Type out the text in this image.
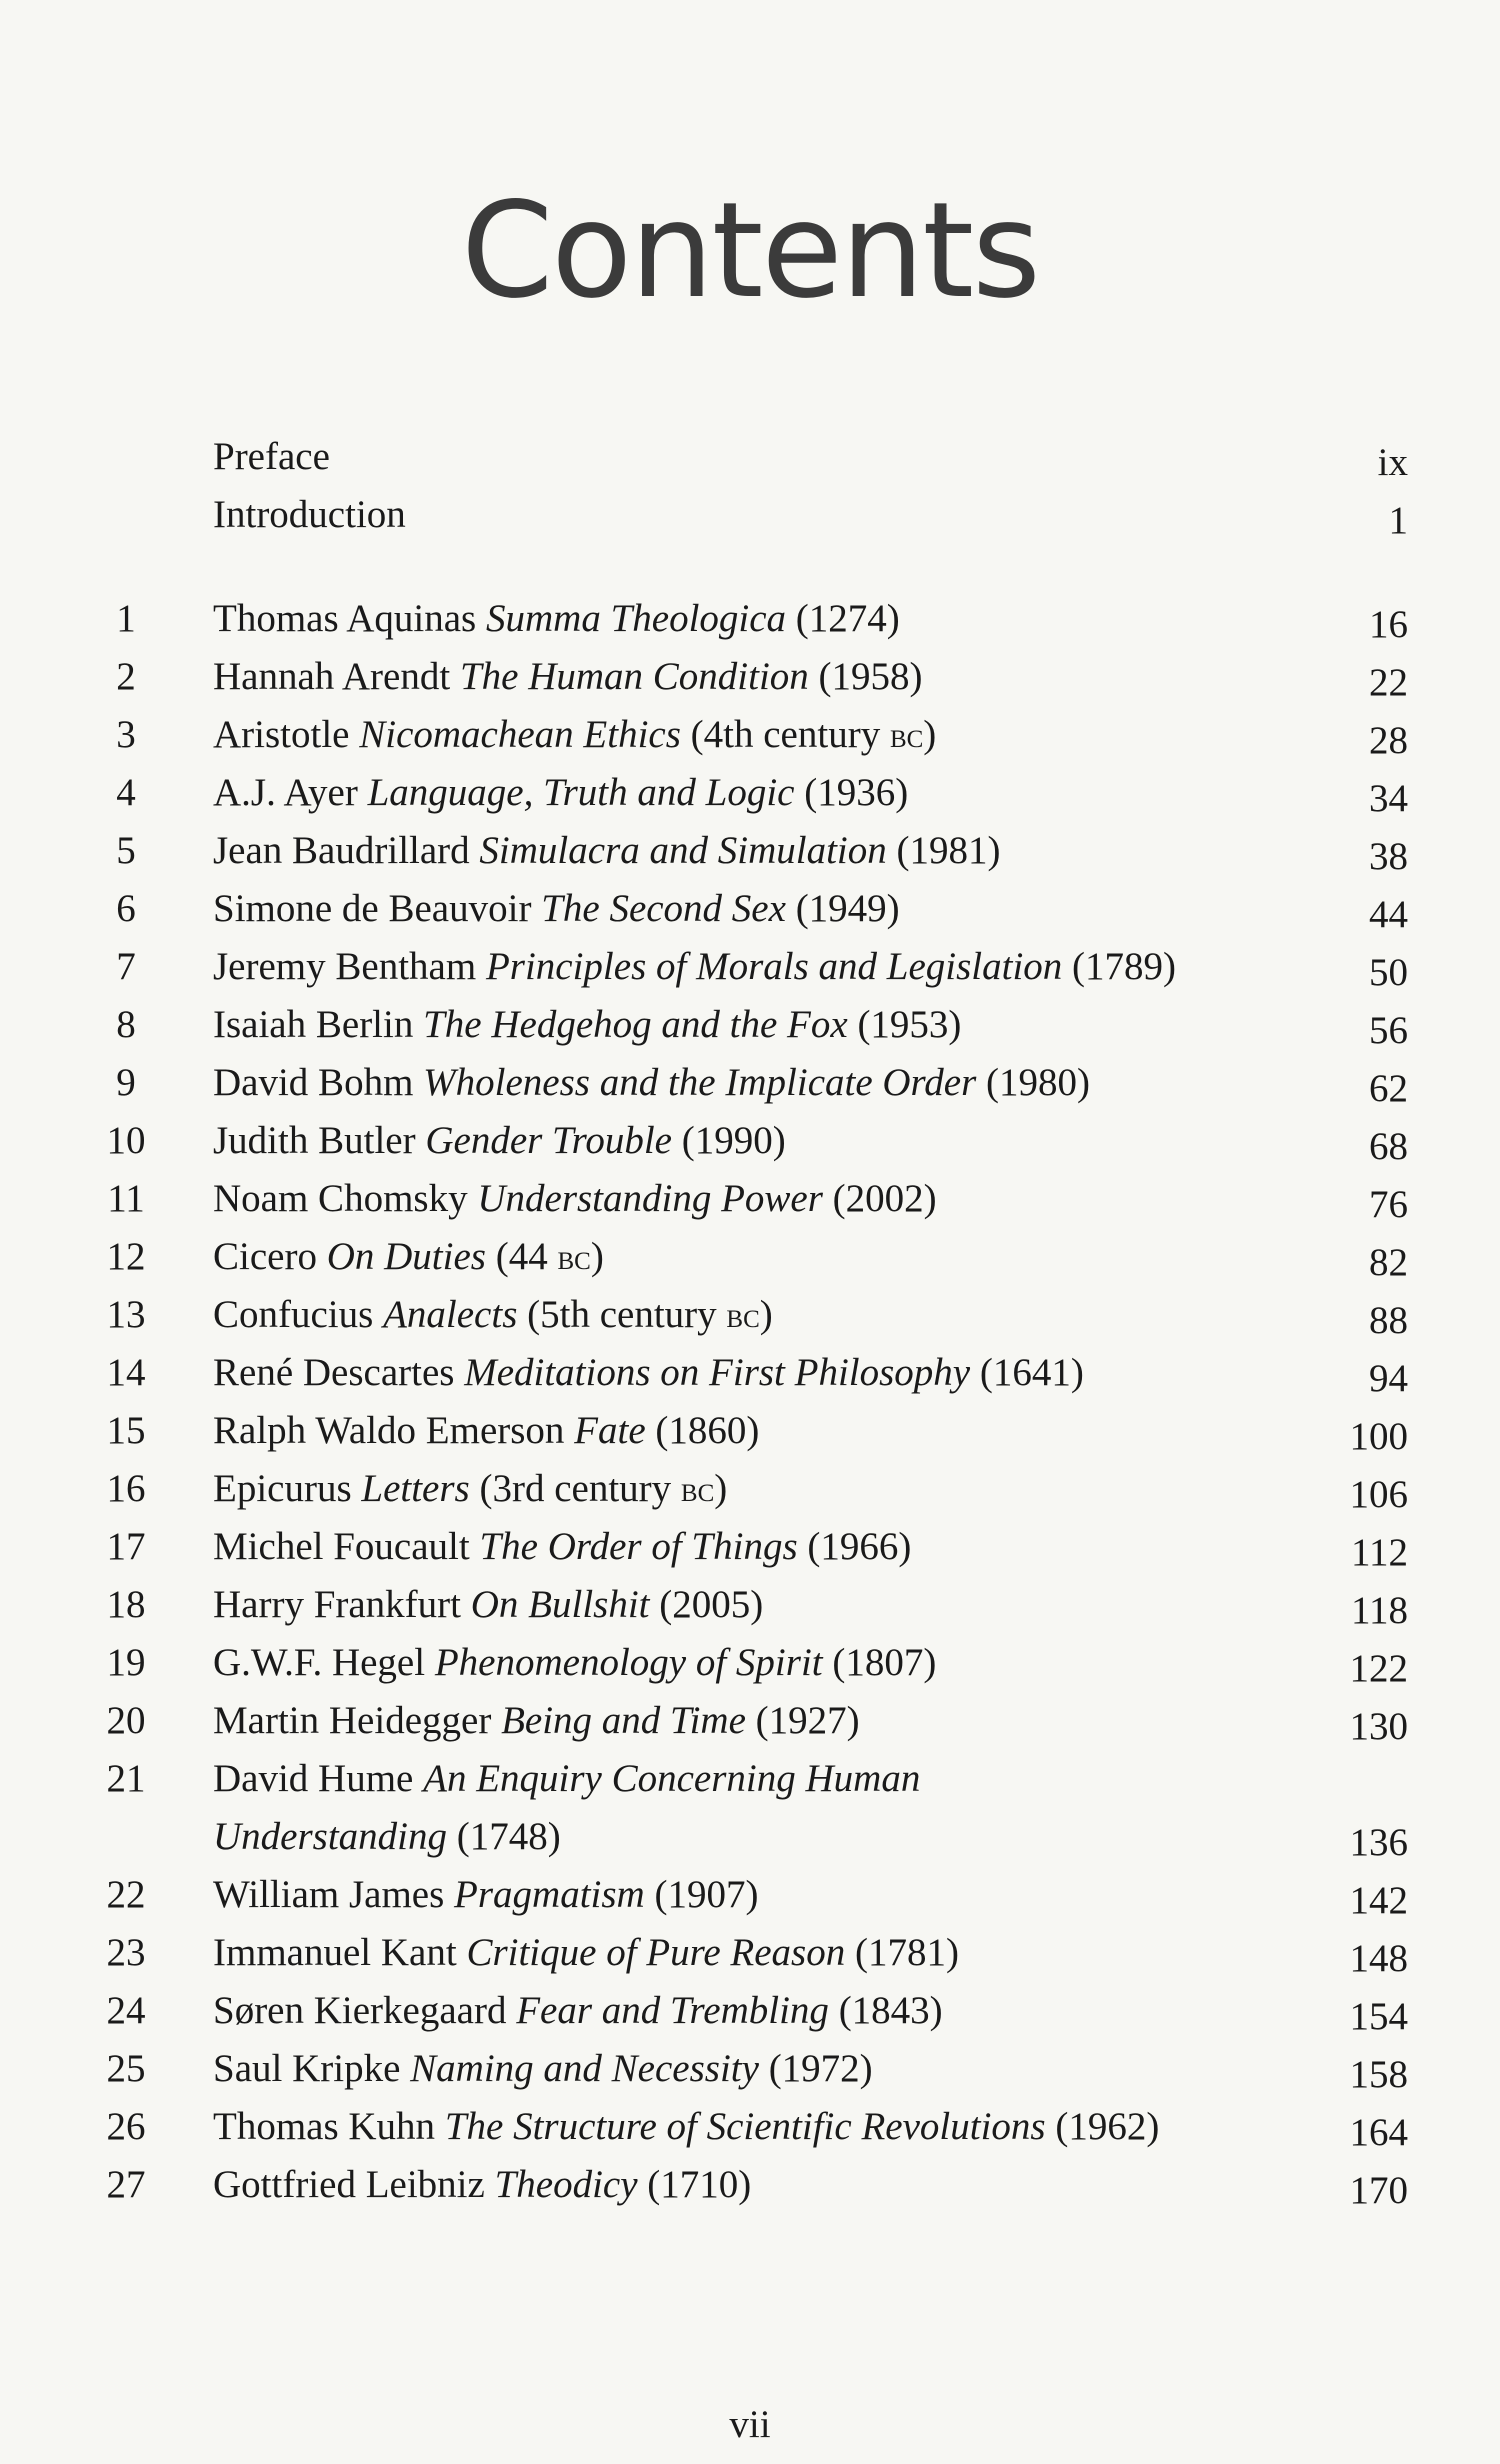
Contents
Preface	ix
Introduction	1
1	Thomas Aquinas Summa Theologica (1274)	16
2	Hannah Arendt The Human Condition (1958)	22
3	Aristotle Nicomachean Ethics (4th century bc)	28
4	A.J. Ayer Language, Truth and Logic (1936)	34
5	Jean Baudrillard Simulacra and Simulation (1981)	38
6	Simone de Beauvoir The Second Sex (1949)	44
7	Jeremy Bentham Principles of Morals and Legislation (1789)	50
8	Isaiah Berlin The Hedgehog and the Fox (1953)	56
9	David Bohm Wholeness and the Implicate Order (1980)	62
10 Judith Butler Gender Trouble (1990)	68
11 Noam Chomsky Understanding Power (2002)	76
12 Cicero On Duties (44 bc)	82
13 Confucius Analects (5th century bc)	88
14 René Descartes Meditations on First Philosophy (1641)	94
15 Ralph Waldo Emerson Fate (1860)	100
16 Epicurus Letters (3rd century bc)	106
17 Michel Foucault The Order of Things (1966)	112
18 Harry Frankfurt On Bullshit (2005)	118
19 G.W.F. Hegel Phenomenology of Spirit (1807)	122
20 Martin Heidegger Being and Time (1927)	130
21 David Hume An Enquiry Concerning Human
Understanding (1748)	136
22 William James Pragmatism (1907)	142
23 Immanuel Kant Critique of Pure Reason (1781)	148
24 Søren Kierkegaard Fear and Trembling (1843)	154
25 Saul Kripke Naming and Necessity (1972)	158
26 Thomas Kuhn The Structure of Scientific Revolutions (1962)	164
27 Gottfried Leibniz Theodicy (1710)	170
vii
